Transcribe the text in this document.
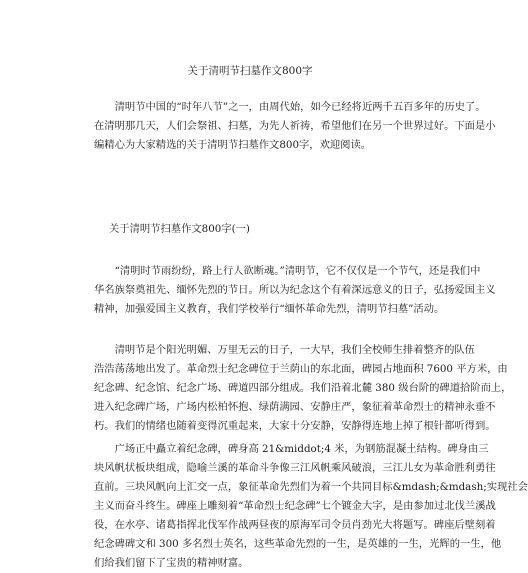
关于清明节扫墓作文800字
　　清明节中国的“时年八节”之一，由周代始，如今已经将近两千五百多年的历史了。
在清明那几天，人们会祭祖、扫墓，为先人祈祷，希望他们在另一个世界过好。下面是小
编精心为大家精选的关于清明节扫墓作文800字，欢迎阅读。
关于清明节扫墓作文800字(一)
　　“清明时节雨纷纷，路上行人欲断魂。”清明节，它不仅仅是一个节气，还是我们中
华名族祭奠祖先、缅怀先烈的节日。所以为纪念这个有着深远意义的日子，弘扬爱国主义
精神，加强爱国主义教育，我们学校举行“缅怀革命先烈，清明节扫墓”活动。
　　清明节是个阳光明媚、万里无云的日子，一大早，我们全校师生排着整齐的队伍
浩浩荡荡地出发了。革命烈士纪念碑位于兰荫山的东北面，碑园占地面积 7600 平方米，由
纪念碑、纪念馆、纪念广场、碑道四部分组成。我们沿着北麓 380 级台阶的碑道拾阶而上，
进入纪念碑广场，广场内松柏怀抱、绿荫满园、安静庄严，象征着革命烈士的精神永垂不
朽。我们的情绪也随着变得沉重起来，大家十分安静，安静得连地上掉了根针都听得到。
　　广场正中矗立着纪念碑，碑身高 21&middot;4 米，为钢筋混凝土结构。碑身由三
块风帆状板块组成，隐喻兰溪的革命斗争像三江风帆乘风破浪，三江儿女为革命胜利勇往
直前。三块风帆向上汇交一点，象征革命先烈们为着一个共同目标&mdash;&mdash;实现社会
主义而奋斗终生。碑座上雕刻着“革命烈士纪念碑”七个镀金大字，是由参加过北伐兰溪战
役，在水亭、诸葛指挥北伐军作战两昼夜的原海军司令员肖劲光大将题写。碑座后壁刻着
纪念碑碑文和 300 多名烈士英名，这些革命先烈的一生，是英雄的一生，光辉的一生，他
们给我们留下了宝贵的精神财富。
